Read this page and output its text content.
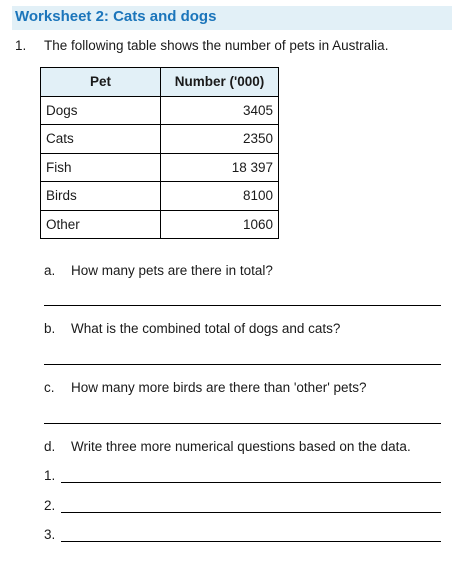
Worksheet 2: Cats and dogs
1. The following table shows the number of pets in Australia.
Pet	Number ('000)
Dogs	3405
Cats	2350
Fish	18 397
Birds	8100
Other	1060
a. How many pets are there in total?
b. What is the combined total of dogs and cats?
c. How many more birds are there than 'other' pets?
d. Write three more numerical questions based on the data.
1.
2.
3.
